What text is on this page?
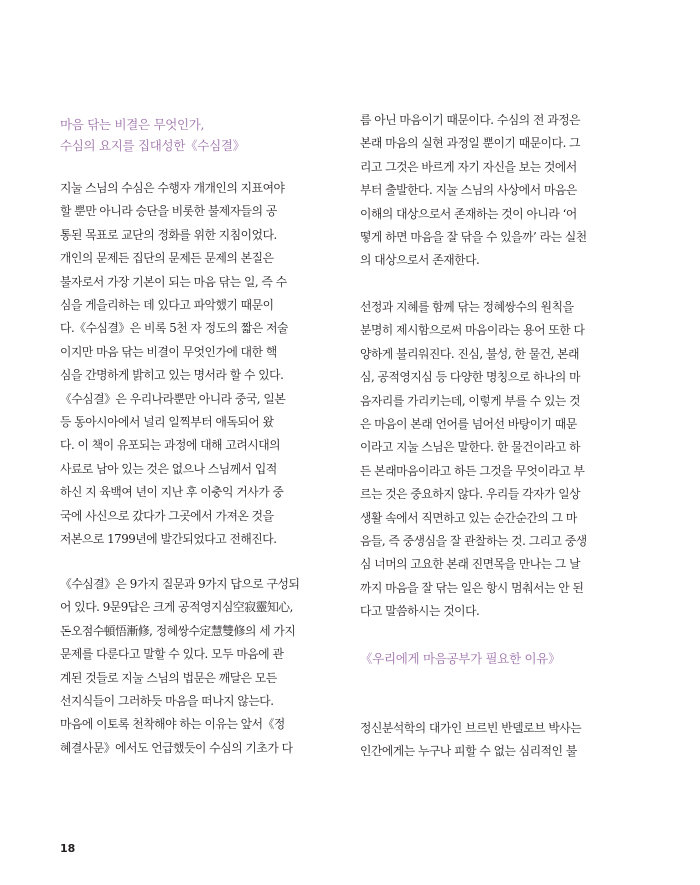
마음 닦는 비결은 무엇인가,
수심의 요지를 집대성한《수심결》
지눌 스님의 수심은 수행자 개개인의 지표여야
할 뿐만 아니라 승단을 비롯한 불제자들의 공
통된 목표로 교단의 정화를 위한 지침이었다.
개인의 문제든 집단의 문제든 문제의 본질은
불자로서 가장 기본이 되는 마음 닦는 일, 즉 수
심을 게을리하는 데 있다고 파악했기 때문이
다.《수심결》은 비록 5천 자 정도의 짧은 저술
이지만 마음 닦는 비결이 무엇인가에 대한 핵
심을 간명하게 밝히고 있는 명서라 할 수 있다.
《수심결》은 우리나라뿐만 아니라 중국, 일본
등 동아시아에서 널리 일찍부터 애독되어 왔
다. 이 책이 유포되는 과정에 대해 고려시대의
사료로 남아 있는 것은 없으나 스님께서 입적
하신 지 육백여 년이 지난 후 이충익 거사가 중
국에 사신으로 갔다가 그곳에서 가져온 것을
저본으로 1799년에 발간되었다고 전해진다.
《수심결》은 9가지 질문과 9가지 답으로 구성되
어 있다. 9문9답은 크게 공적영지심空寂靈知心,
돈오점수頓悟漸修, 정혜쌍수定慧雙修의 세 가지
문제를 다룬다고 말할 수 있다. 모두 마음에 관
계된 것들로 지눌 스님의 법문은 깨달은 모든
선지식들이 그러하듯 마음을 떠나지 않는다.
마음에 이토록 천착해야 하는 이유는 앞서《정
혜결사문》에서도 언급했듯이 수심의 기초가 다
름 아닌 마음이기 때문이다. 수심의 전 과정은
본래 마음의 실현 과정일 뿐이기 때문이다. 그
리고 그것은 바르게 자기 자신을 보는 것에서
부터 출발한다. 지눌 스님의 사상에서 마음은
이해의 대상으로서 존재하는 것이 아니라 ‘어
떻게 하면 마음을 잘 닦을 수 있을까’ 라는 실천
의 대상으로서 존재한다.
선정과 지혜를 함께 닦는 정혜쌍수의 원칙을
분명히 제시함으로써 마음이라는 용어 또한 다
양하게 불리워진다. 진심, 불성, 한 물건, 본래
심, 공적영지심 등 다양한 명칭으로 하나의 마
음자리를 가리키는데, 이렇게 부를 수 있는 것
은 마음이 본래 언어를 넘어선 바탕이기 때문
이라고 지눌 스님은 말한다. 한 물건이라고 하
든 본래마음이라고 하든 그것을 무엇이라고 부
르는 것은 중요하지 않다. 우리들 각자가 일상
생활 속에서 직면하고 있는 순간순간의 그 마
음들, 즉 중생심을 잘 관찰하는 것. 그리고 중생
심 너머의 고요한 본래 진면목을 만나는 그 날
까지 마음을 잘 닦는 일은 항시 멈춰서는 안 된
다고 말씀하시는 것이다.
《우리에게 마음공부가 필요한 이유》
정신분석학의 대가인 브르빈 반델로브 박사는
인간에게는 누구나 피할 수 없는 심리적인 불
18
